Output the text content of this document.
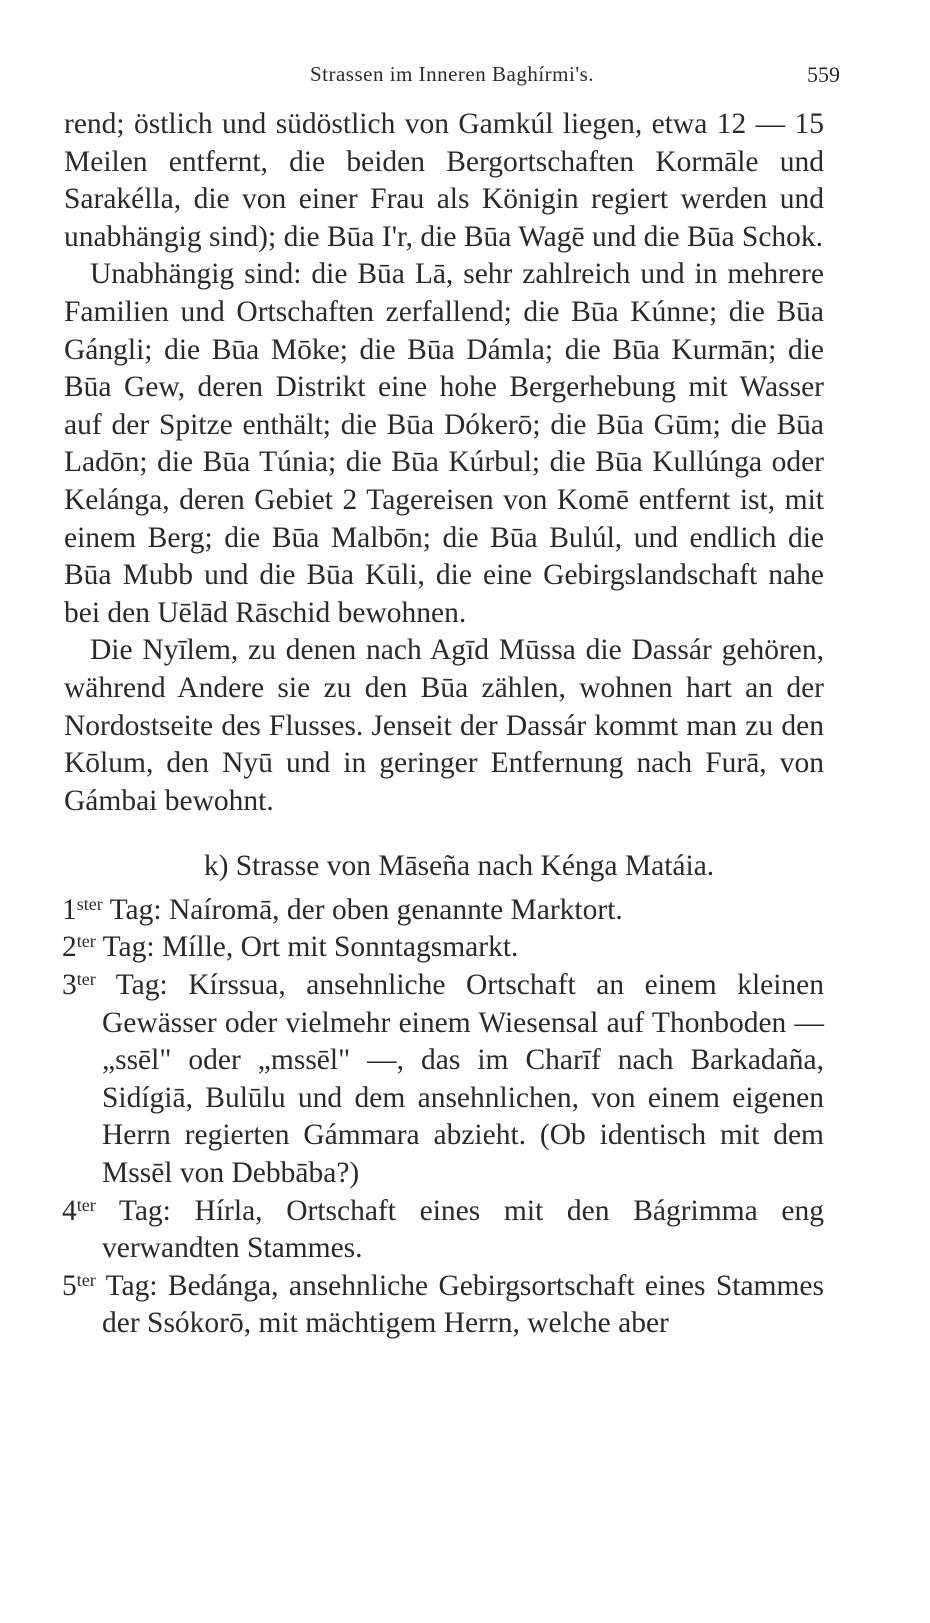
Strassen im Inneren Baghírmi's.	559

rend; östlich und südöstlich von Gamkúl liegen, etwa 12 — 15 Meilen entfernt, die beiden Bergortschaften Kormāle und Sarakélla, die von einer Frau als Königin regiert werden und unabhängig sind); die Būa I'r, die Būa Wagē und die Būa Schok.

Unabhängig sind: die Būa Lā, sehr zahlreich und in mehrere Familien und Ortschaften zerfallend; die Būa Kúnne; die Būa Gángli; die Būa Mōke; die Būa Dámla; die Būa Kurmān; die Būa Gew, deren Distrikt eine hohe Bergerhebung mit Wasser auf der Spitze enthält; die Būa Dókerō; die Būa Gūm; die Būa Ladōn; die Būa Túnia; die Būa Kúrbul; die Būa Kullúnga oder Kelánga, deren Gebiet 2 Tagereisen von Komē entfernt ist, mit einem Berg; die Būa Malbōn; die Būa Bulúl, und endlich die Būa Mubb und die Būa Kūli, die eine Gebirgslandschaft nahe bei den Uēlād Rāschid bewohnen.

Die Nyīlem, zu denen nach Agīd Mūssa die Dassár gehören, während Andere sie zu den Būa zählen, wohnen hart an der Nordostseite des Flusses. Jenseit der Dassár kommt man zu den Kōlum, den Nyū und in geringer Entfernung nach Furā, von Gámbai bewohnt.

k) Strasse von Māseña nach Kénga Matáia.

$1^{ster}$ Tag: Naíromā, der oben genannte Marktort.

$2^{ter}$ Tag: Mílle, Ort mit Sonntagsmarkt.

$3^{ter}$ Tag: Kírssua, ansehnliche Ortschaft an einem kleinen Gewässer oder vielmehr einem Wiesensal auf Thonboden — „ssēl" oder „mssēl" —, das im Charīf nach Barkadaña, Sidígiā, Bulūlu und dem ansehnlichen, von einem eigenen Herrn regierten Gámmara abzieht. (Ob identisch mit dem Mssēl von Debbāba?)

$4^{ter}$ Tag: Hírla, Ortschaft eines mit den Bágrimma eng verwandten Stammes.

$5^{ter}$ Tag: Bedánga, ansehnliche Gebirgsortschaft eines Stammes der Ssókorō, mit mächtigem Herrn, welche aber
